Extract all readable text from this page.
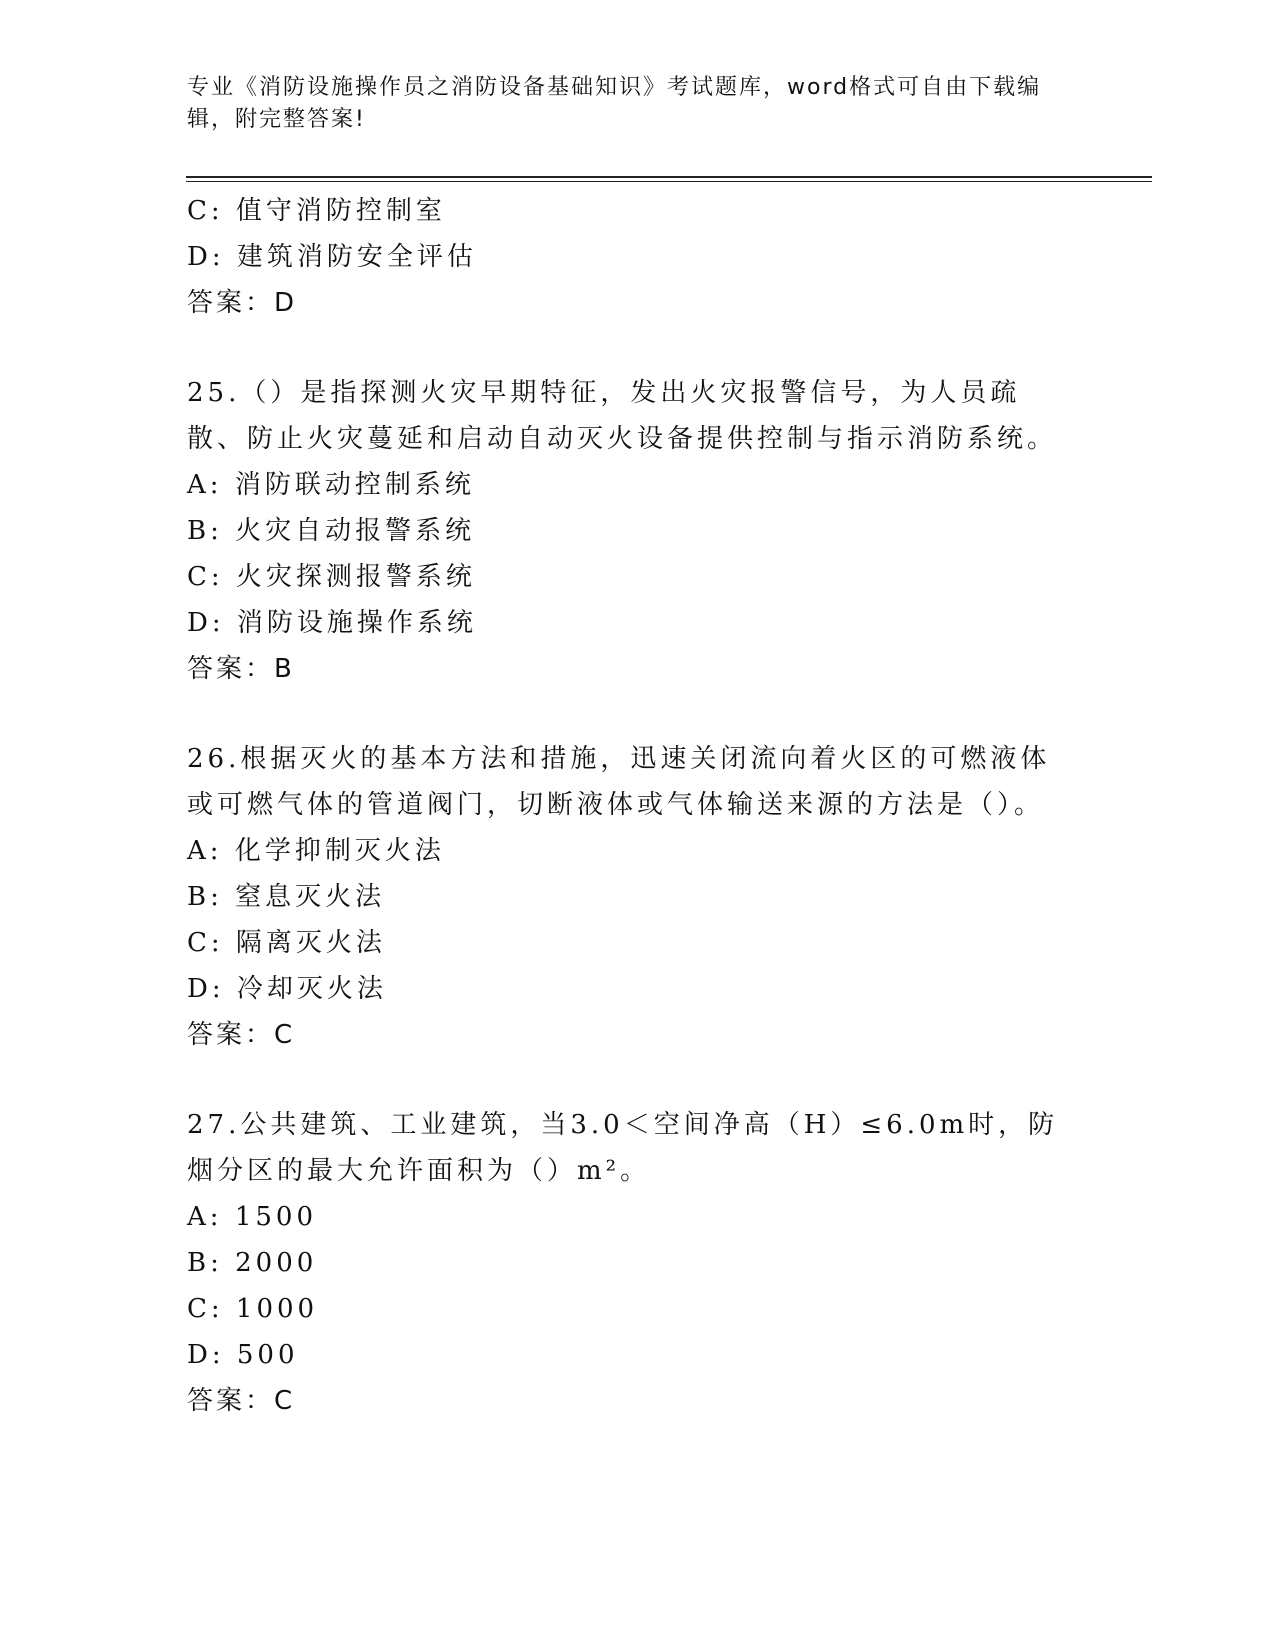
专业《消防设施操作员之消防设备基础知识》考试题库，word格式可自由下载编辑，附完整答案!
C: 值守消防控制室
D: 建筑消防安全评估
答案：D
25.（）是指探测火灾早期特征，发出火灾报警信号，为人员疏散、防止火灾蔓延和启动自动灭火设备提供控制与指示消防系统。
A: 消防联动控制系统
B: 火灾自动报警系统
C: 火灾探测报警系统
D: 消防设施操作系统
答案：B
26.根据灭火的基本方法和措施，迅速关闭流向着火区的可燃液体或可燃气体的管道阀门，切断液体或气体输送来源的方法是（）。
A: 化学抑制灭火法
B: 窒息灭火法
C: 隔离灭火法
D: 冷却灭火法
答案：C
27.公共建筑、工业建筑，当3.0＜空间净高（H）≤6.0m时，防烟分区的最大允许面积为（）m²。
A: 1500
B: 2000
C: 1000
D: 500
答案：C
